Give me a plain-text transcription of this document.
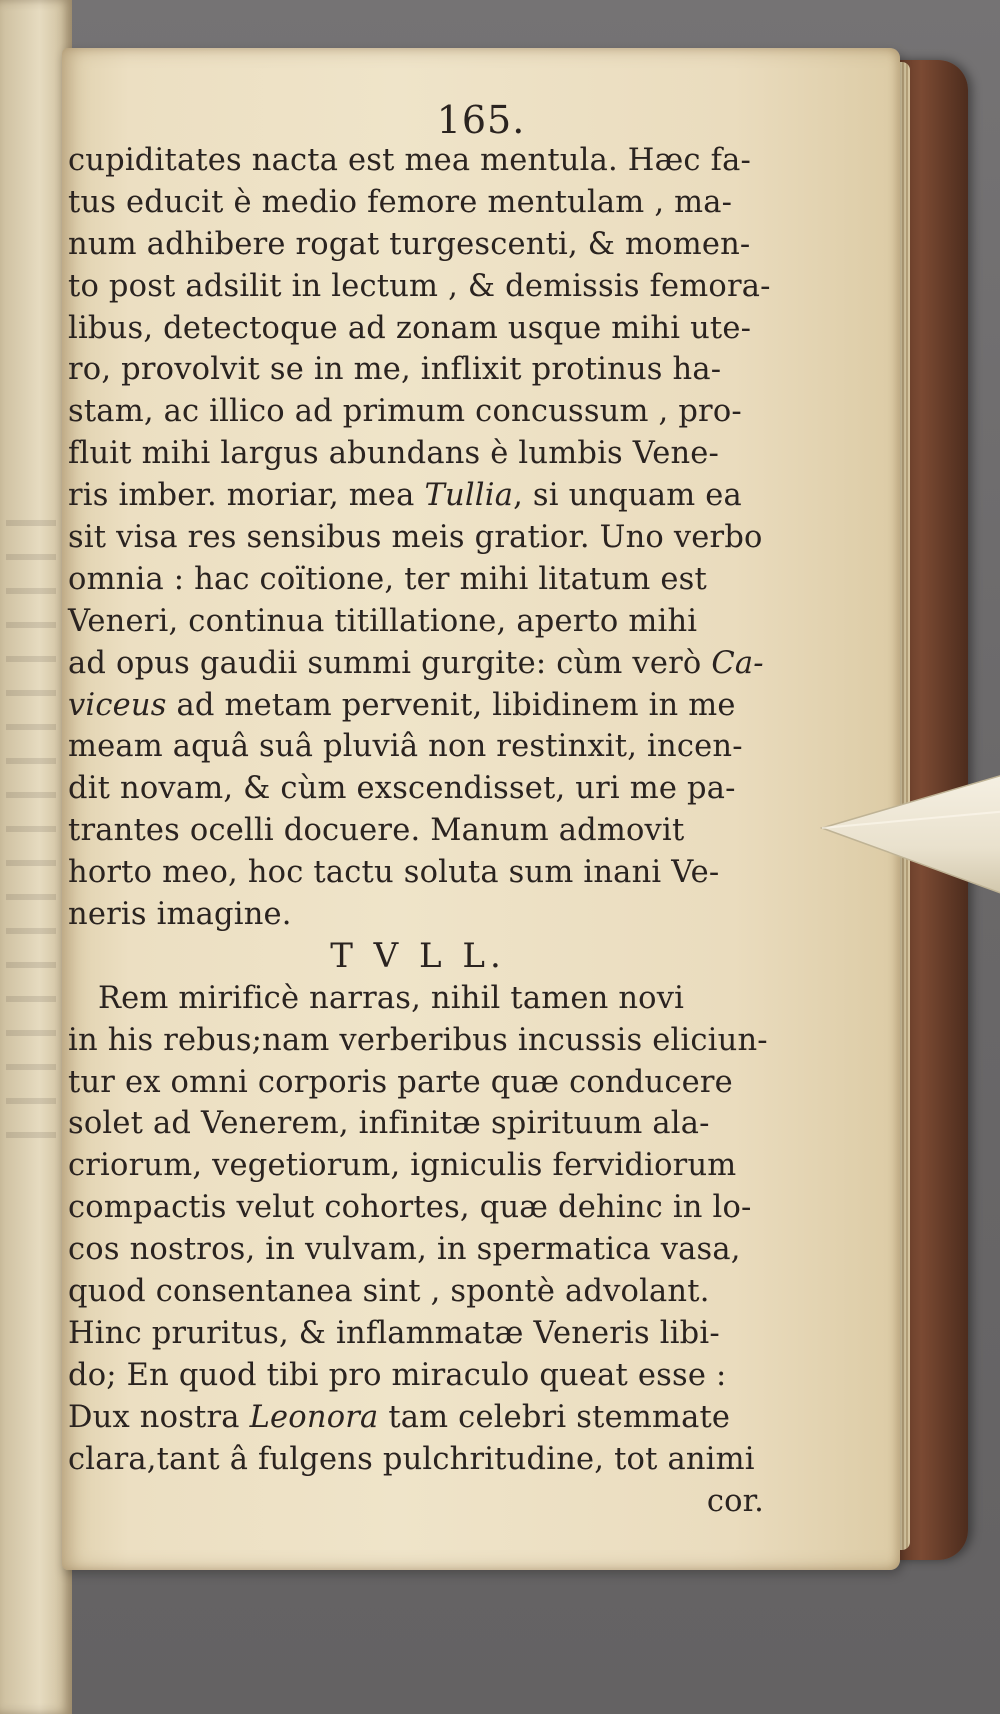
165.
cupiditates nacta est mea mentula. Hæc fa-
tus educit è medio femore mentulam , ma-
num adhibere rogat turgescenti, & momen-
to post adsilit in lectum , & demissis femora-
libus, detectoque ad zonam usque mihi ute-
ro, provolvit se in me, inflixit protinus ha-
stam, ac illico ad primum concussum , pro-
fluit mihi largus abundans è lumbis Vene-
ris imber. moriar, mea Tullia, si unquam ea
sit visa res sensibus meis gratior. Uno verbo
omnia : hac coïtione, ter mihi litatum est
Veneri, continua titillatione, aperto mihi
ad opus gaudii summi gurgite: cùm verò Ca-
viceus ad metam pervenit, libidinem in me
meam aquâ suâ pluviâ non restinxit, incen-
dit novam, & cùm exscendisset, uri me pa-
trantes ocelli docuere. Manum admovit
horto meo, hoc tactu soluta sum inani Ve-
neris imagine.
T V L L.
Rem mirificè narras, nihil tamen novi
in his rebus;nam verberibus incussis eliciun-
tur ex omni corporis parte quæ conducere
solet ad Venerem, infinitæ spirituum ala-
criorum, vegetiorum, igniculis fervidiorum
compactis velut cohortes, quæ dehinc in lo-
cos nostros, in vulvam, in spermatica vasa,
quod consentanea sint , spontè advolant.
Hinc pruritus, & inflammatæ Veneris libi-
do; En quod tibi pro miraculo queat esse :
Dux nostra Leonora tam celebri stemmate
clara,tant â fulgens pulchritudine, tot animi
cor.
